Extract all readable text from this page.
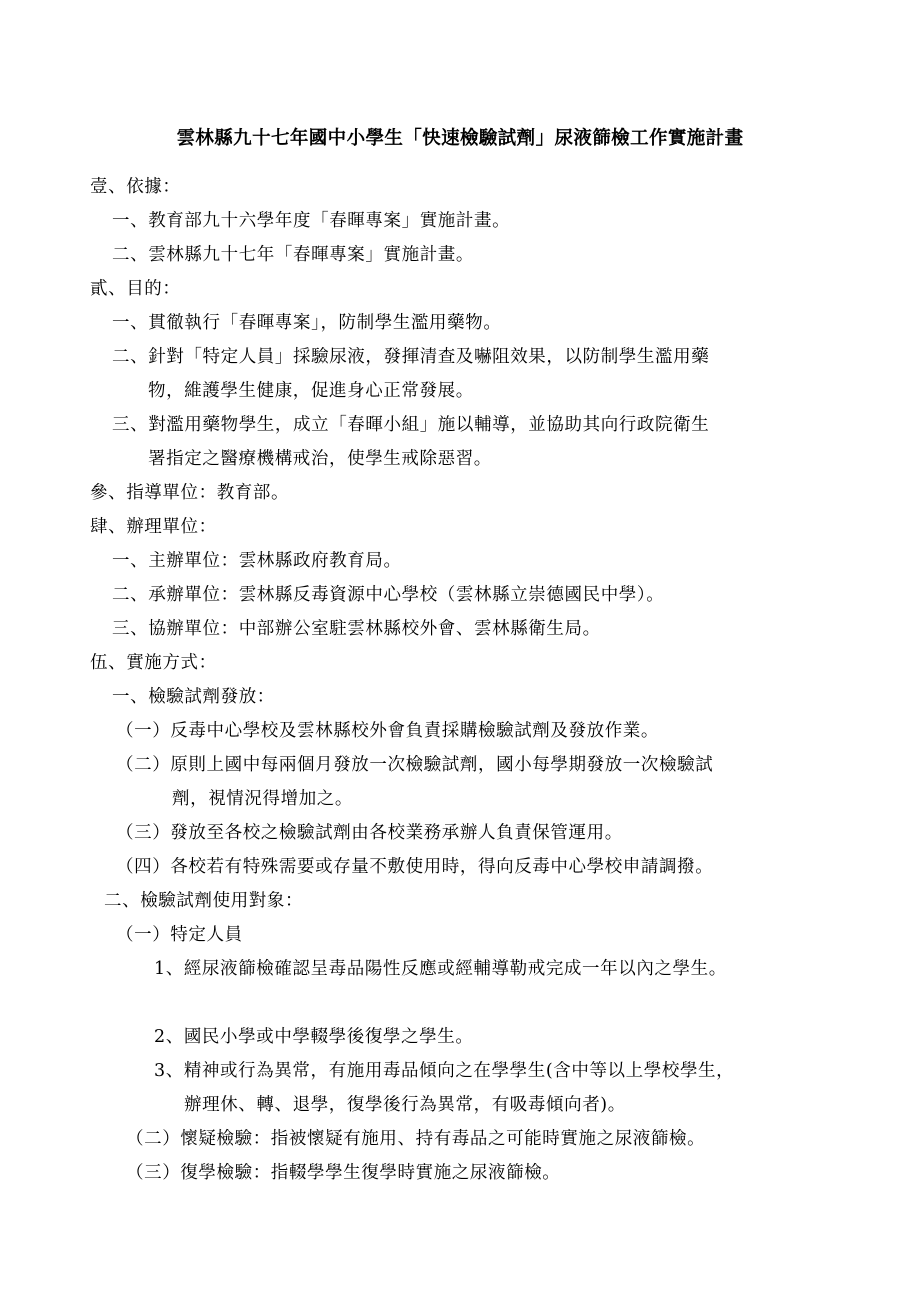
雲林縣九十七年國中小學生「快速檢驗試劑」尿液篩檢工作實施計畫
壹、依據：
一、教育部九十六學年度「春暉專案」實施計畫。
二、雲林縣九十七年「春暉專案」實施計畫。
貳、目的：
一、貫徹執行「春暉專案」，防制學生濫用藥物。
二、針對「特定人員」採驗尿液，發揮清查及嚇阻效果，以防制學生濫用藥
物，維護學生健康，促進身心正常發展。
三、對濫用藥物學生，成立「春暉小組」施以輔導，並協助其向行政院衛生
署指定之醫療機構戒治，使學生戒除惡習。
參、指導單位：教育部。
肆、辦理單位：
一、主辦單位：雲林縣政府教育局。
二、承辦單位：雲林縣反毒資源中心學校（雲林縣立崇德國民中學）。
三、協辦單位：中部辦公室駐雲林縣校外會、雲林縣衛生局。
伍、實施方式：
一、檢驗試劑發放：
（一）反毒中心學校及雲林縣校外會負責採購檢驗試劑及發放作業。
（二）原則上國中每兩個月發放一次檢驗試劑，國小每學期發放一次檢驗試
劑，視情況得增加之。
（三）發放至各校之檢驗試劑由各校業務承辦人負責保管運用。
（四）各校若有特殊需要或存量不敷使用時，得向反毒中心學校申請調撥。
二、檢驗試劑使用對象：
（一）特定人員
1、經尿液篩檢確認呈毒品陽性反應或經輔導勒戒完成一年以內之學生。
2、國民小學或中學輟學後復學之學生。
3、精神或行為異常，有施用毒品傾向之在學學生(含中等以上學校學生，
辦理休、轉、退學，復學後行為異常，有吸毒傾向者)。
（二）懷疑檢驗：指被懷疑有施用、持有毒品之可能時實施之尿液篩檢。
（三）復學檢驗：指輟學學生復學時實施之尿液篩檢。
